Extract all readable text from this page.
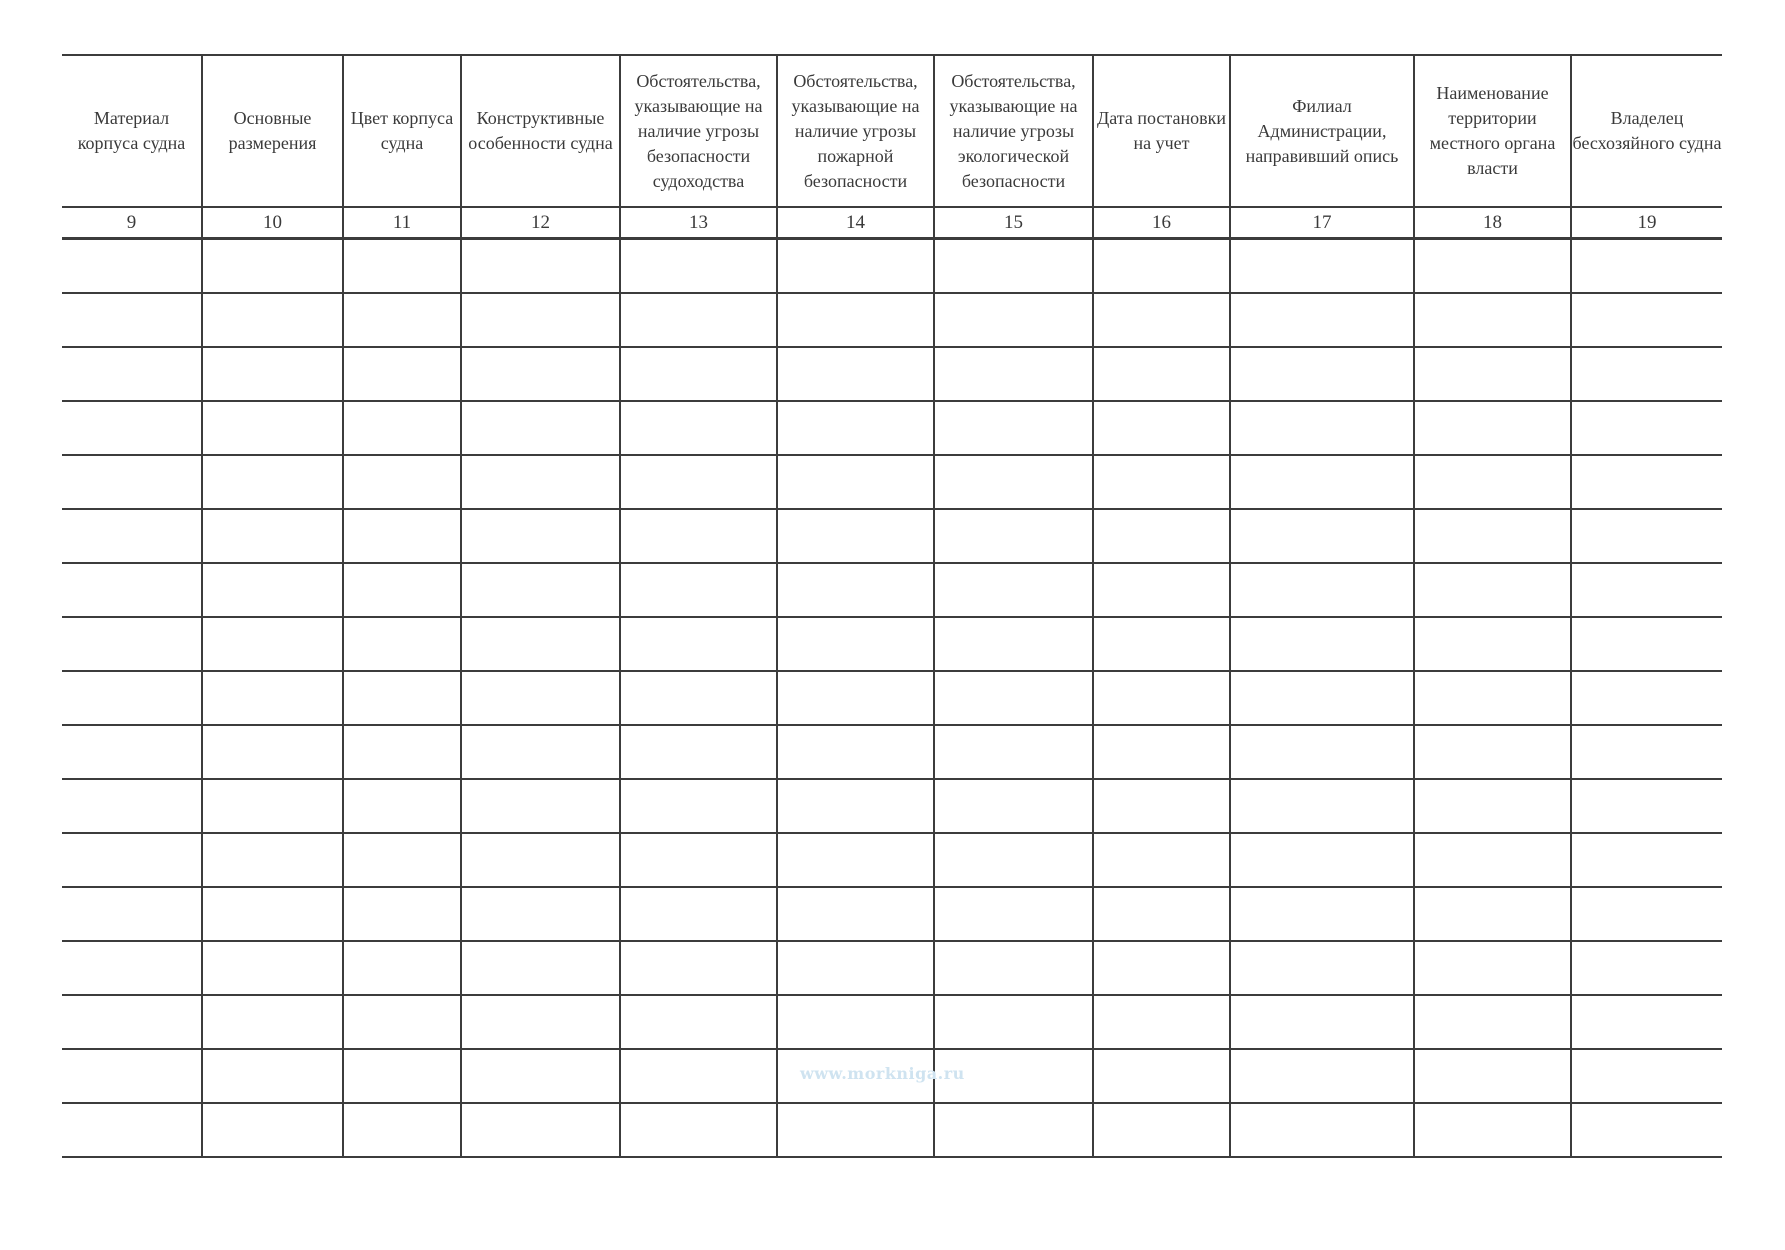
Материал корпуса судна	Основные размерения	Цвет корпуса судна	Конструктивные особенности судна	Обстоятельства, указывающие на наличие угрозы безопасности судоходства	Обстоятельства, указывающие на наличие угрозы пожарной безопасности	Обстоятельства, указывающие на наличие угрозы экологической безопасности	Дата постановки на учет	Филиал Администрации, направивший опись	Наименование территории местного органа власти	Владелец бесхозяйного судна
9	10	11	12	13	14	15	16	17	18	19

www.morkniga.ru
